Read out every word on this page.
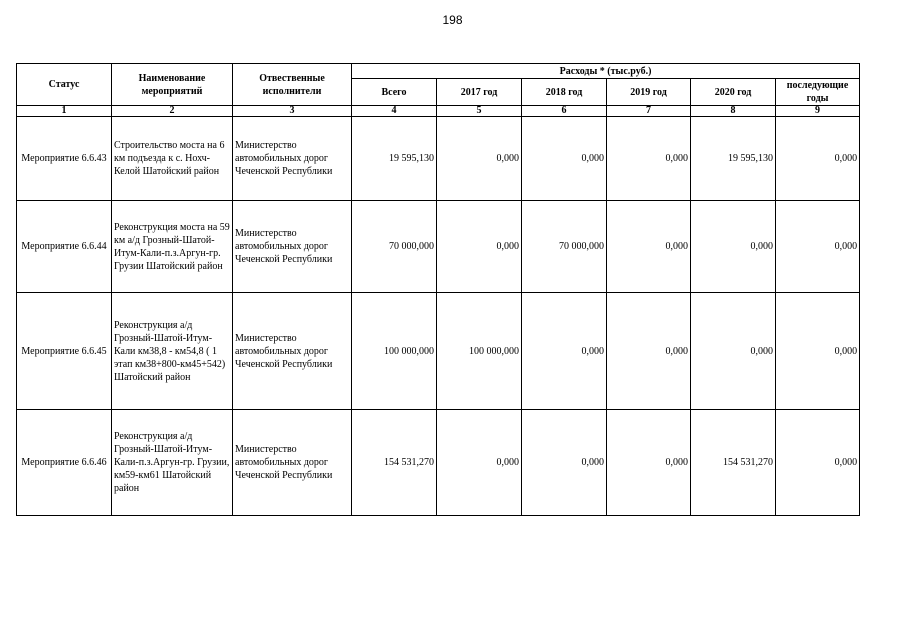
198
Статус	Наименование мероприятий	Отвественные исполнители	Расходы * (тыс.руб.)					
			Всего	2017 год	2018 год	2019 год	2020 год	последующие годы
1	2	3	4	5	6	7	8	9
Мероприятие 6.6.43	Строительство моста на 6 км подъезда к с. Нохч-Келой Шатойский район	Министерство автомобильных дорог Чеченской Республики	19 595,130	0,000	0,000	0,000	19 595,130	0,000
Мероприятие 6.6.44	Реконструкция моста на 59 км а/д Грозный-Шатой-Итум-Кали-п.з.Аргун-гр. Грузии Шатойский район	Министерство автомобильных дорог Чеченской Республики	70 000,000	0,000	70 000,000	0,000	0,000	0,000
Мероприятие 6.6.45	Реконструкция а/д Грозный-Шатой-Итум-Кали км38,8 - км54,8 ( 1 этап км38+800-км45+542) Шатойский район	Министерство автомобильных дорог Чеченской Республики	100 000,000	100 000,000	0,000	0,000	0,000	0,000
Мероприятие 6.6.46	Реконструкция а/д Грозный-Шатой-Итум-Кали-п.з.Аргун-гр. Грузии, км59-км61 Шатойский район	Министерство автомобильных дорог Чеченской Республики	154 531,270	0,000	0,000	0,000	154 531,270	0,000
